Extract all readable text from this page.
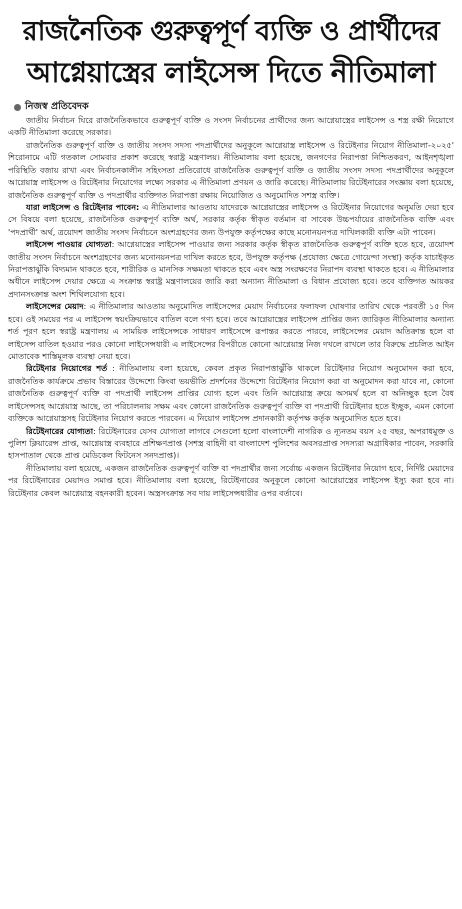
রাজনৈতিক গুরুত্বপূর্ণ ব্যক্তি ও প্রার্থীদের
আগ্নেয়াস্ত্রের লাইসেন্স দিতে নীতিমালা
নিজস্ব প্রতিবেদক

জাতীয় নির্বাচন ঘিরে রাজনৈতিকভাবে গুরুত্বপূর্ণ ব্যক্তি ও সংসদ নির্বাচনের প্রার্থীদের জন্য আগ্নেয়াস্ত্রের লাইসেন্স ও শস্ত্র রক্ষী নিয়োগে একটি নীতিমালা করেছে সরকার।

রাজনৈতিক গুরুত্বপূর্ণ ব্যক্তি ও জাতীয় সংসদ সদস্য পদপ্রার্থীদের অনুকূলে আগ্নেয়াস্ত্র লাইসেন্স ও রিটেইনার নিয়োগ নীতিমালা-২০২৫' শিরোনামে এটি গতকাল সোমবার প্রকাশ করেছে স্বরাষ্ট্র মন্ত্রণালয়। নীতিমালায় বলা হয়েছে, জনগণের নিরাপত্তা নিশ্চিতকরণ, আইনশৃঙ্খলা পরিস্থিতি বজায় রাখা এবং নির্বাচনকালীন সহিংসতা প্রতিরোধে রাজনৈতিক গুরুত্বপূর্ণ ব্যক্তি ও জাতীয় সংসদ সদস্য পদপ্রার্থীদের অনুকূলে আগ্নেয়াস্ত্র লাইসেন্স ও রিটেইনার নিয়োগের লক্ষ্যে সরকার এ নীতিমালা প্রণয়ন ও জারি করেছে। নীতিমালায় রিটেইনারের সংজ্ঞায় বলা হয়েছে, রাজনৈতিক গুরুত্বপূর্ণ ব্যক্তি ও পদপ্রার্থীর ব্যক্তিগত নিরাপত্তা রক্ষায় নিয়োজিত ও অনুমোদিত সশস্ত্র ব্যক্তি।

যারা লাইসেন্স ও রিটেইনার পাবেন: এ নীতিমালার আওতায় যাদেরকে আগ্নেয়াস্ত্রের লাইসেন্স ও রিটেইনার নিয়োগের অনুমতি দেয়া হবে সে বিষয়ে বলা হয়েছে, রাজনৈতিক গুরুত্বপূর্ণ ব্যক্তি অর্থ, সরকার কর্তৃক স্বীকৃত বর্তমান বা সাবেক উচ্চপর্যায়ের রাজনৈতিক ব্যক্তি এবং 'পদপ্রার্থী' অর্থ, ত্রয়োদশ জাতীয় সংসদ নির্বাচনে অংশগ্রহণের জন্য উপযুক্ত কর্তৃপক্ষের কাছে মনোনয়নপত্র দাখিলকারী ব্যক্তি এটা পাবেন।

লাইসেন্স পাওয়ার যোগ্যতা: আগ্নেয়াস্ত্রের লাইসেন্স পাওয়ার জন্য সরকার কর্তৃক স্বীকৃত রাজনৈতিক গুরুত্বপূর্ণ ব্যক্তি হতে হবে, ত্রয়োদশ জাতীয় সংসদ নির্বাচনে অংশগ্রহণের জন্য মনোনয়নপত্র দাখিল করতে হবে, উপযুক্ত কর্তৃপক্ষ (প্রযোজ্য ক্ষেত্রে গোয়েন্দা সংস্থা) কর্তৃক যাচাইকৃত নিরাপত্তাঝুঁকি বিদ্যমান থাকতে হবে, শারীরিক ও মানসিক সক্ষমতা থাকতে হবে এবং অস্ত্র সংরক্ষণের নিরাপদ ব্যবস্থা থাকতে হবে। এ নীতিমালার অধীনে লাইসেন্স দেয়ার ক্ষেত্রে এ সংক্রান্ত স্বরাষ্ট্র মন্ত্রণালয়ের জারি করা অন্যান্য নীতিমালা ও বিধান প্রযোজ্য হবে। তবে ব্যক্তিগত আয়কর প্রদানসংক্রান্ত অংশ শিথিলযোগ্য হবে।

লাইসেন্সের মেয়াদ: এ নীতিমালার আওতায় অনুমোদিত লাইসেন্সের মেয়াদ নির্বাচনের ফলাফল ঘোষণার তারিখ থেকে পরবর্তী ১৫ দিন হবে। ওই সময়ের পর এ লাইসেন্স স্বয়ংক্রিয়ভাবে বাতিল বলে গণ্য হবে। তবে আগ্নেয়াস্ত্রের লাইসেন্স প্রাপ্তির জন্য জারিকৃত নীতিমালার অন্যান্য শর্ত পূরণ হলে স্বরাষ্ট্র মন্ত্রণালয় এ সাময়িক লাইসেন্সকে সাধারণ লাইসেন্সে রূপান্তর করতে পারবে, লাইসেন্সের মেয়াদ অতিক্রান্ত হলে বা লাইসেন্স বাতিল হওয়ার পরও কোনো লাইসেন্সধারী এ লাইসেন্সের বিপরীতে কোনো আগ্নেয়াস্ত্র নিজ দখলে রাখলে তার বিরুদ্ধে প্রচলিত আইন মোতাবেক শাস্তিমূলক ব্যবস্থা নেয়া হবে।

রিটেইনার নিয়োগের শর্ত : নীতিমালায় বলা হয়েছে, কেবল প্রকৃত নিরাপত্তাঝুঁকি থাকলে রিটেইনার নিয়োগ অনুমোদন করা হবে, রাজনৈতিক কার্যক্রমে প্রভাব বিস্তারের উদ্দেশ্যে কিংবা ভয়ভীতি প্রদর্শনের উদ্দেশ্যে রিটেইনার নিয়োগ করা বা অনুমোদন করা যাবে না, কোনো রাজনৈতিক গুরুত্বপূর্ণ ব্যক্তি বা পদপ্রার্থী লাইসেন্স প্রাপ্তির যোগ্য হলে এবং তিনি আগ্নেয়াস্ত্র ক্রয়ে অসমর্থ হলে বা অনিচ্ছুক হলে বৈধ লাইসেন্সসহ আগ্নেয়াস্ত্র আছে, তা পরিচালনায় সক্ষম এবং কোনো রাজনৈতিক গুরুত্বপূর্ণ ব্যক্তি বা পদপ্রার্থী রিটেইনার হতে ইচ্ছুক, এমন কোনো ব্যক্তিকে আগ্নেয়াস্ত্রসহ রিটেইনার নিয়োগ করতে পারবেন। এ নিয়োগ লাইসেন্স প্রদানকারী কর্তৃপক্ষ কর্তৃক অনুমোদিত হতে হবে।

রিটেইনারের যোগ্যতা: রিটেইনারের যেসব যোগ্যতা লাগবে সেগুলো হলো বাংলাদেশী নাগরিক ও ন্যূনতম বয়স ২৫ বছর, অপরাধমুক্ত ও পুলিশ ক্লিয়ারেন্স প্রাপ্ত, আগ্নেয়াস্ত্র ব্যবহারে প্রশিক্ষণপ্রাপ্ত (সশস্ত্র বাহিনী বা বাংলাদেশ পুলিশের অবসরপ্রাপ্ত সদস্যরা অগ্রাধিকার পাবেন, সরকারি হাসপাতাল থেকে প্রাপ্ত মেডিকেল ফিটনেস সনদপ্রাপ্ত)।

নীতিমালায় বলা হয়েছে, একজন রাজনৈতিক গুরুত্বপূর্ণ ব্যক্তি বা পদপ্রার্থীর জন্য সর্বোচ্চ একজন রিটেইনার নিয়োগ হবে, নির্দিষ্ট মেয়াদের পর রিটেইনারের মেয়াদও সমাপ্ত হবে। নীতিমালায় বলা হয়েছে, রিটেইনারের অনুকূলে কোনো আগ্নেয়াস্ত্রের লাইসেন্স ইস্যু করা হবে না। রিটেইনার কেবল আগ্নেয়াস্ত্র বহনকারী হবেন। অস্ত্রসংক্রান্ত সব দায় লাইসেন্সধারীর ওপর বর্তাবে।
